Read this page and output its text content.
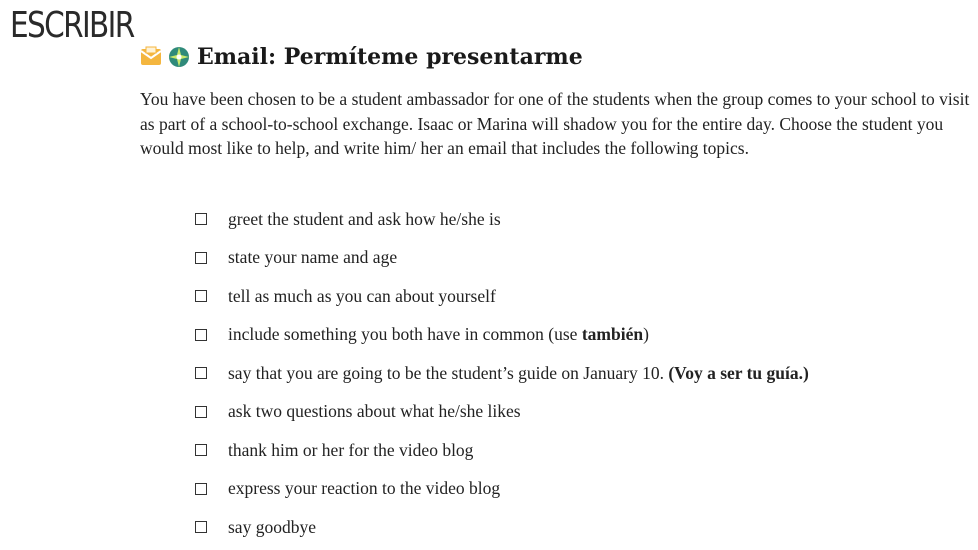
ESCRIBIR
Email: Permíteme presentarme
You have been chosen to be a student ambassador for one of the students when the group comes to your school to visit as part of a school-to-school exchange. Isaac or Marina will shadow you for the entire day. Choose the student you would most like to help, and write him/ her an email that includes the following topics.
greet the student and ask how he/she is
state your name and age
tell as much as you can about yourself
include something you both have in common (use también)
say that you are going to be the student’s guide on January 10. (Voy a ser tu guía.)
ask two questions about what he/she likes
thank him or her for the video blog
express your reaction to the video blog
say goodbye
